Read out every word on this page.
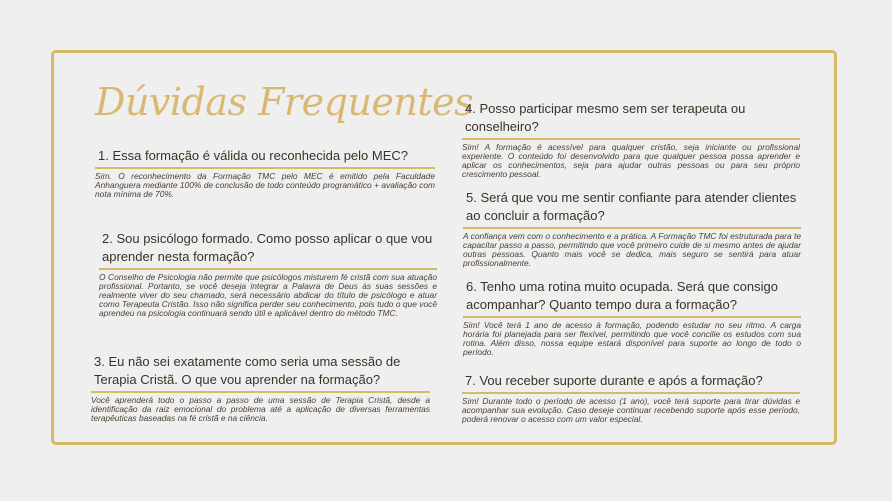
Dúvidas Frequentes
1. Essa formação é válida ou reconhecida pelo MEC?
Sim. O reconhecimento da Formação TMC pelo MEC é emitido pela Faculdade Anhanguera mediante 100% de conclusão de todo conteúdo programático + avaliação com nota mínima de 70%.
2. Sou psicólogo formado. Como posso aplicar o que vou aprender nesta formação?
O Conselho de Psicologia não permite que psicólogos misturem fé cristã com sua atuação profissional. Portanto, se você deseja integrar a Palavra de Deus às suas sessões e realmente viver do seu chamado, será necessário abdicar do título de psicólogo e atuar como Terapeuta Cristão. Isso não significa perder seu conhecimento, pois tudo o que você aprendeu na psicologia continuará sendo útil e aplicável dentro do método TMC.
3. Eu não sei exatamente como seria uma sessão de Terapia Cristã. O que vou aprender na formação?
Você aprenderá todo o passo a passo de uma sessão de Terapia Cristã, desde a identificação da raiz emocional do problema até a aplicação de diversas ferramentas terapêuticas baseadas na fé cristã e na ciência.
4. Posso participar mesmo sem ser terapeuta ou conselheiro?
Sim! A formação é acessível para qualquer cristão, seja iniciante ou profissional experiente. O conteúdo foi desenvolvido para que qualquer pessoa possa aprender e aplicar os conhecimentos, seja para ajudar outras pessoas ou para seu próprio crescimento pessoal.
5. Será que vou me sentir confiante para atender clientes ao concluir a formação?
A confiança vem com o conhecimento e a prática. A Formação TMC foi estruturada para te capacitar passo a passo, permitindo que você primeiro cuide de si mesmo antes de ajudar outras pessoas. Quanto mais você se dedica, mais seguro se sentirá para atuar profissionalmente.
6. Tenho uma rotina muito ocupada. Será que consigo acompanhar? Quanto tempo dura a formação?
Sim! Você terá 1 ano de acesso à formação, podendo estudar no seu ritmo. A carga horária foi planejada para ser flexível, permitindo que você concilie os estudos com sua rotina. Além disso, nossa equipe estará disponível para suporte ao longo de todo o período.
7. Vou receber suporte durante e após a formação?
Sim! Durante todo o período de acesso (1 ano), você terá suporte para tirar dúvidas e acompanhar sua evolução. Caso deseje continuar recebendo suporte após esse período, poderá renovar o acesso com um valor especial.
